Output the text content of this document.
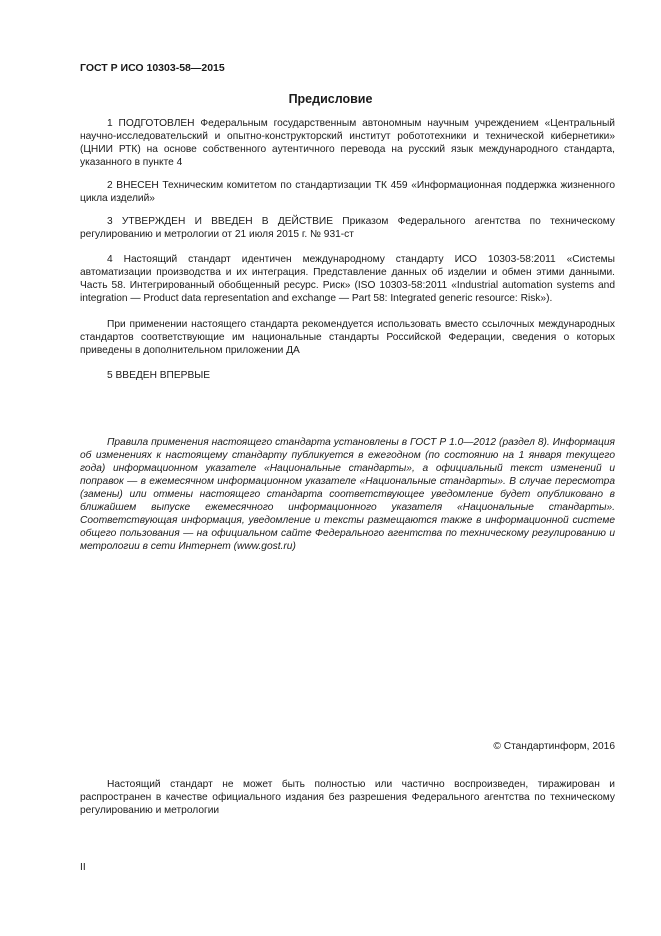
ГОСТ Р ИСО 10303-58—2015
Предисловие

1 ПОДГОТОВЛЕН Федеральным государственным автономным научным учреждением «Центральный научно-исследовательский и опытно-конструкторский институт робототехники и технической кибернетики» (ЦНИИ РТК) на основе собственного аутентичного перевода на русский язык международного стандарта, указанного в пункте 4

2 ВНЕСЕН Техническим комитетом по стандартизации ТК 459 «Информационная поддержка жизненного цикла изделий»

3 УТВЕРЖДЕН И ВВЕДЕН В ДЕЙСТВИЕ Приказом Федерального агентства по техническому регулированию и метрологии от 21 июля 2015 г. № 931-ст

4 Настоящий стандарт идентичен международному стандарту ИСО 10303-58:2011 «Системы автоматизации производства и их интеграция. Представление данных об изделии и обмен этими данными. Часть 58. Интегрированный обобщенный ресурс. Риск» (ISO 10303-58:2011 «Industrial automation systems and integration — Product data representation and exchange — Part 58: Integrated generic resource: Risk»).

При применении настоящего стандарта рекомендуется использовать вместо ссылочных международных стандартов соответствующие им национальные стандарты Российской Федерации, сведения о которых приведены в дополнительном приложении ДА

5 ВВЕДЕН ВПЕРВЫЕ

Правила применения настоящего стандарта установлены в ГОСТ Р 1.0—2012 (раздел 8). Информация об изменениях к настоящему стандарту публикуется в ежегодном (по состоянию на 1 января текущего года) информационном указателе «Национальные стандарты», а официальный текст изменений и поправок — в ежемесячном информационном указателе «Национальные стандарты». В случае пересмотра (замены) или отмены настоящего стандарта соответствующее уведомление будет опубликовано в ближайшем выпуске ежемесячного информационного указателя «Национальные стандарты». Соответствующая информация, уведомление и тексты размещаются также в информационной системе общего пользования — на официальном сайте Федерального агентства по техническому регулированию и метрологии в сети Интернет (www.gost.ru)

© Стандартинформ, 2016

Настоящий стандарт не может быть полностью или частично воспроизведен, тиражирован и распространен в качестве официального издания без разрешения Федерального агентства по техническому регулированию и метрологии

II
